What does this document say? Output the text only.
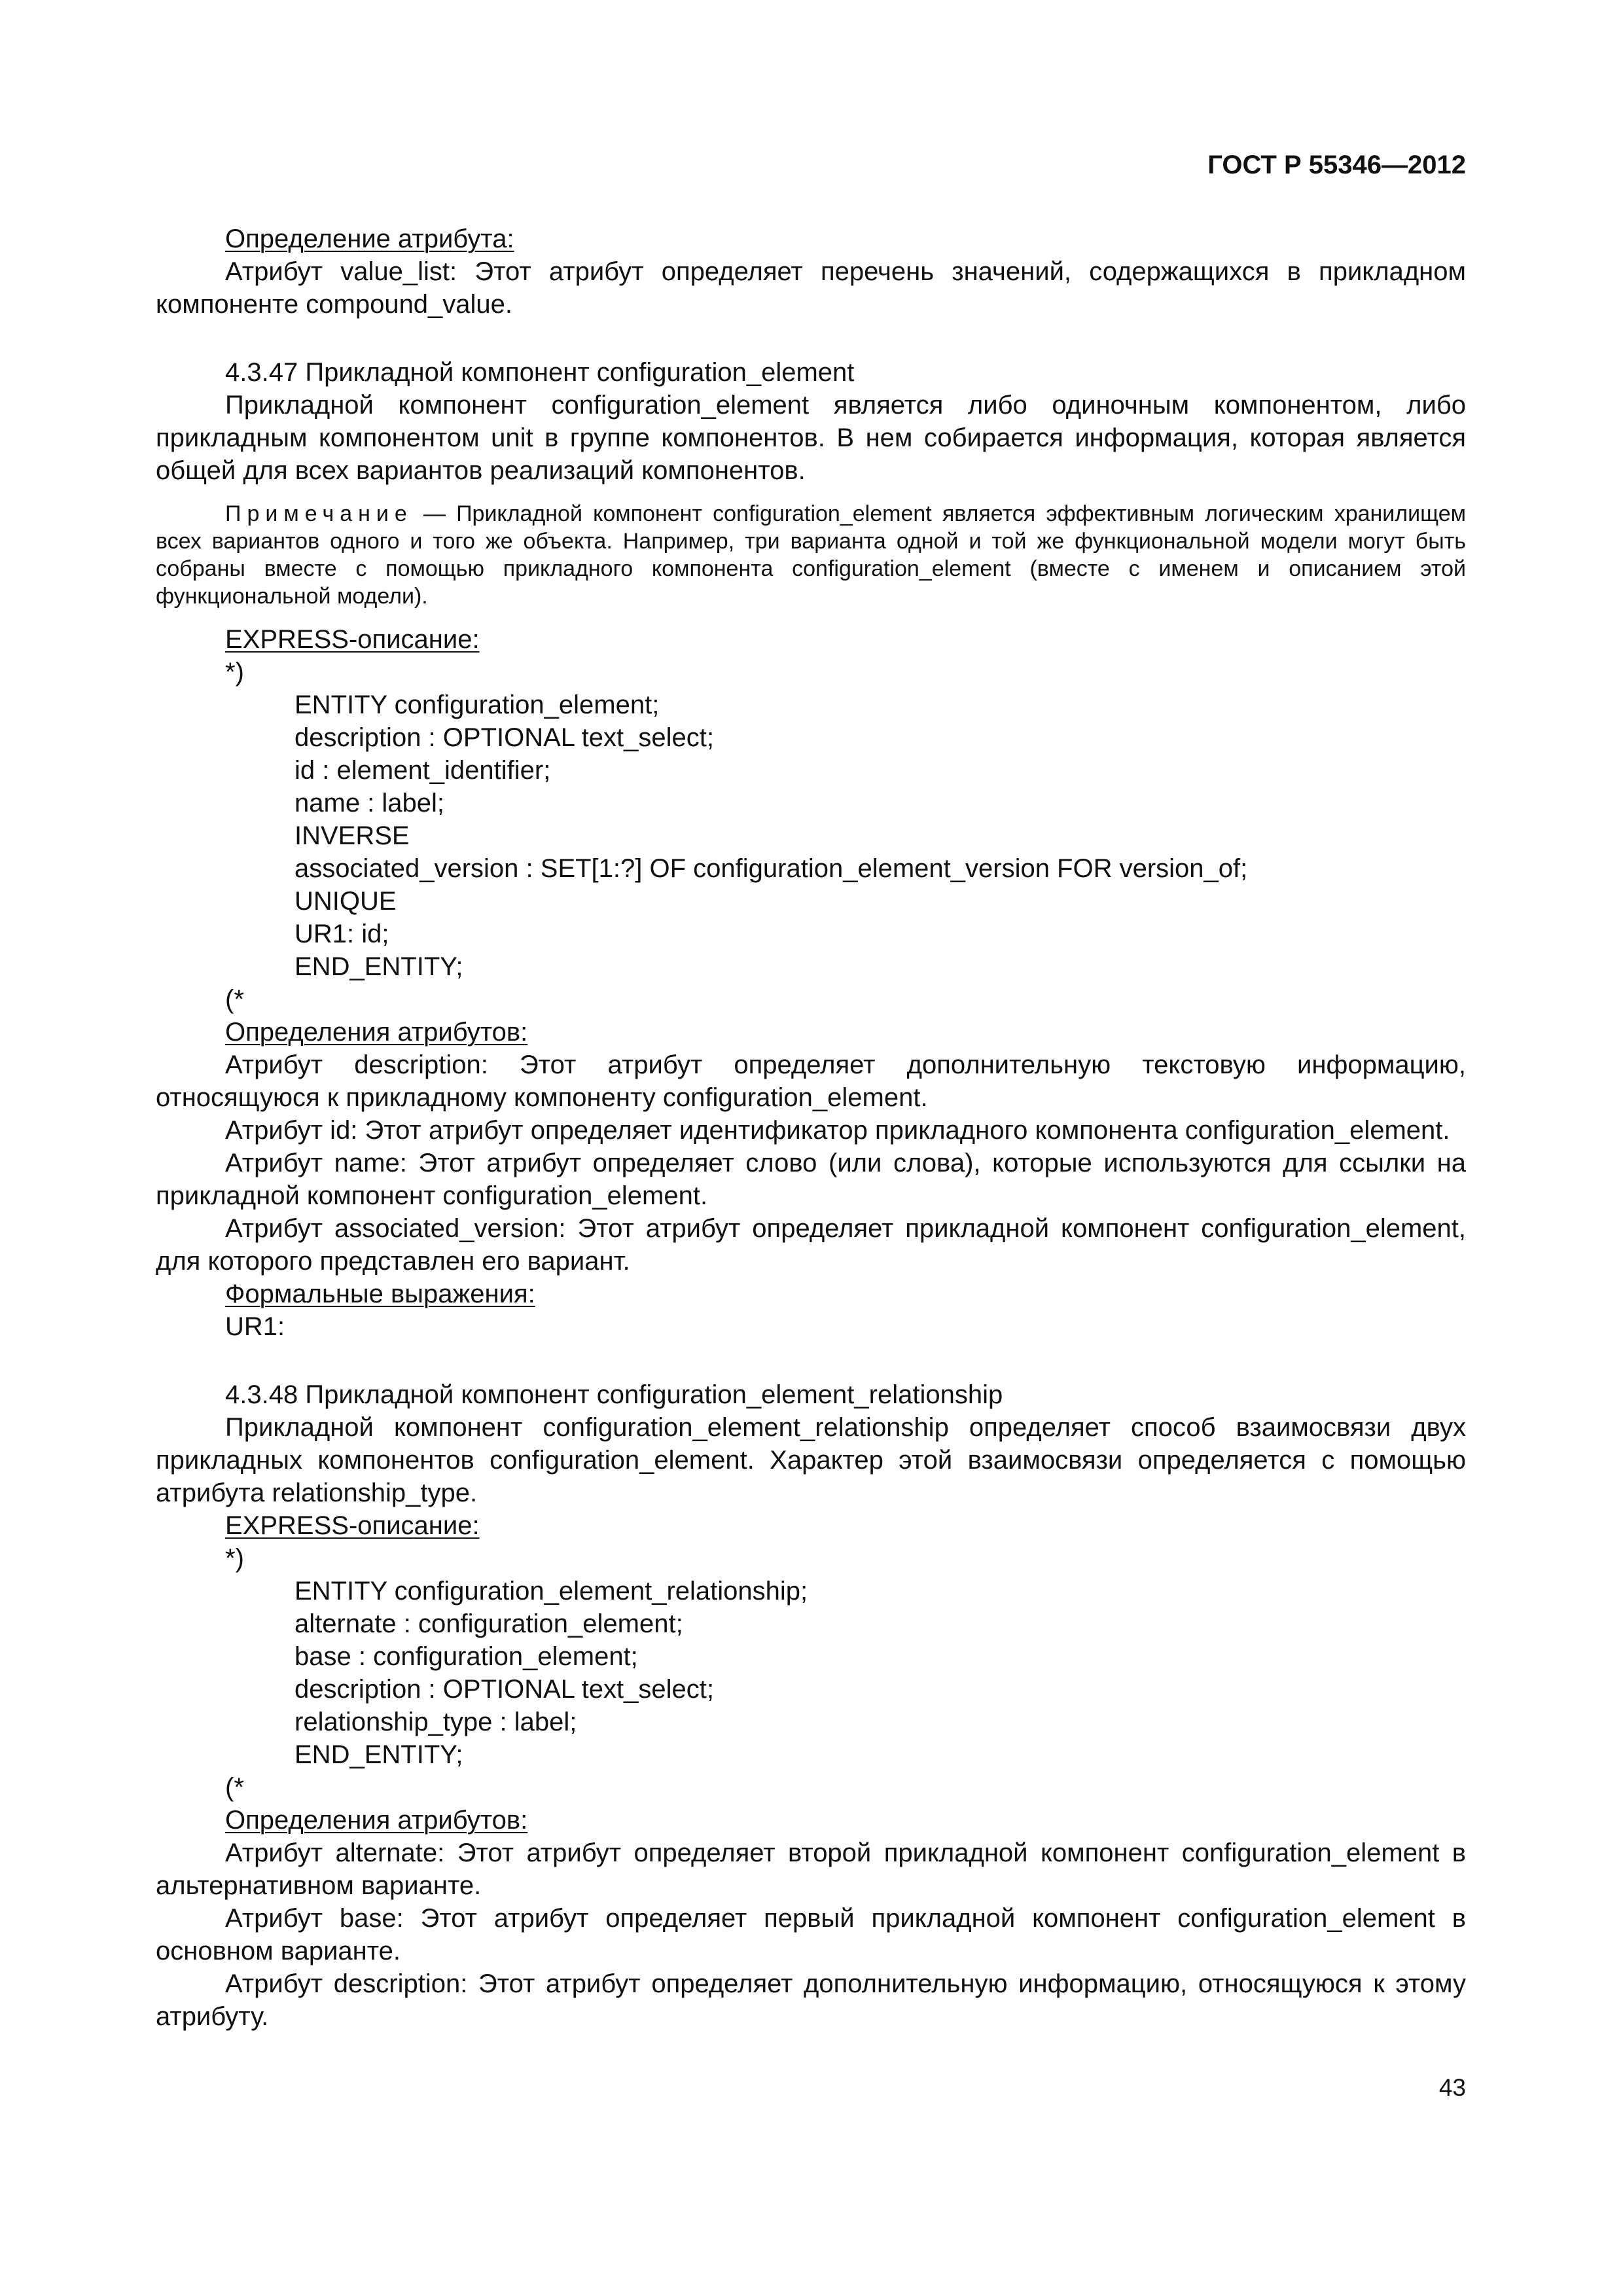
ГОСТ Р 55346—2012

Определение атрибута:

Атрибут value_list: Этот атрибут определяет перечень значений, содержащихся в прикладном компоненте compound_value.

4.3.47 Прикладной компонент configuration_element

Прикладной компонент configuration_element является либо одиночным компонентом, либо прикладным компонентом unit в группе компонентов. В нем собирается информация, которая является общей для всех вариантов реализаций компонентов.

Примечание — Прикладной компонент configuration_element является эффективным логическим хранилищем всех вариантов одного и того же объекта. Например, три варианта одной и той же функциональной модели могут быть собраны вместе с помощью прикладного компонента configuration_element (вместе с именем и описанием этой функциональной модели).

EXPRESS-описание:

*)

ENTITY configuration_element;

description : OPTIONAL text_select;

id : element_identifier;

name : label;

INVERSE

associated_version : SET[1:?] OF configuration_element_version FOR version_of;

UNIQUE

UR1: id;

END_ENTITY;

(*

Определения атрибутов:

Атрибут description: Этот атрибут определяет дополнительную текстовую информацию, относящуюся к прикладному компоненту configuration_element.

Атрибут id: Этот атрибут определяет идентификатор прикладного компонента configuration_element.

Атрибут name: Этот атрибут определяет слово (или слова), которые используются для ссылки на прикладной компонент configuration_element.

Атрибут associated_version: Этот атрибут определяет прикладной компонент configuration_element, для которого представлен его вариант.

Формальные выражения:

UR1:

4.3.48 Прикладной компонент configuration_element_relationship

Прикладной компонент configuration_element_relationship определяет способ взаимосвязи двух прикладных компонентов configuration_element. Характер этой взаимосвязи определяется с помощью атрибута relationship_type.

EXPRESS-описание:

*)

ENTITY configuration_element_relationship;

alternate : configuration_element;

base : configuration_element;

description : OPTIONAL text_select;

relationship_type : label;

END_ENTITY;

(*

Определения атрибутов:

Атрибут alternate: Этот атрибут определяет второй прикладной компонент configuration_element в альтернативном варианте.

Атрибут base: Этот атрибут определяет первый прикладной компонент configuration_element в основном варианте.

Атрибут description: Этот атрибут определяет дополнительную информацию, относящуюся к этому атрибуту.

43
